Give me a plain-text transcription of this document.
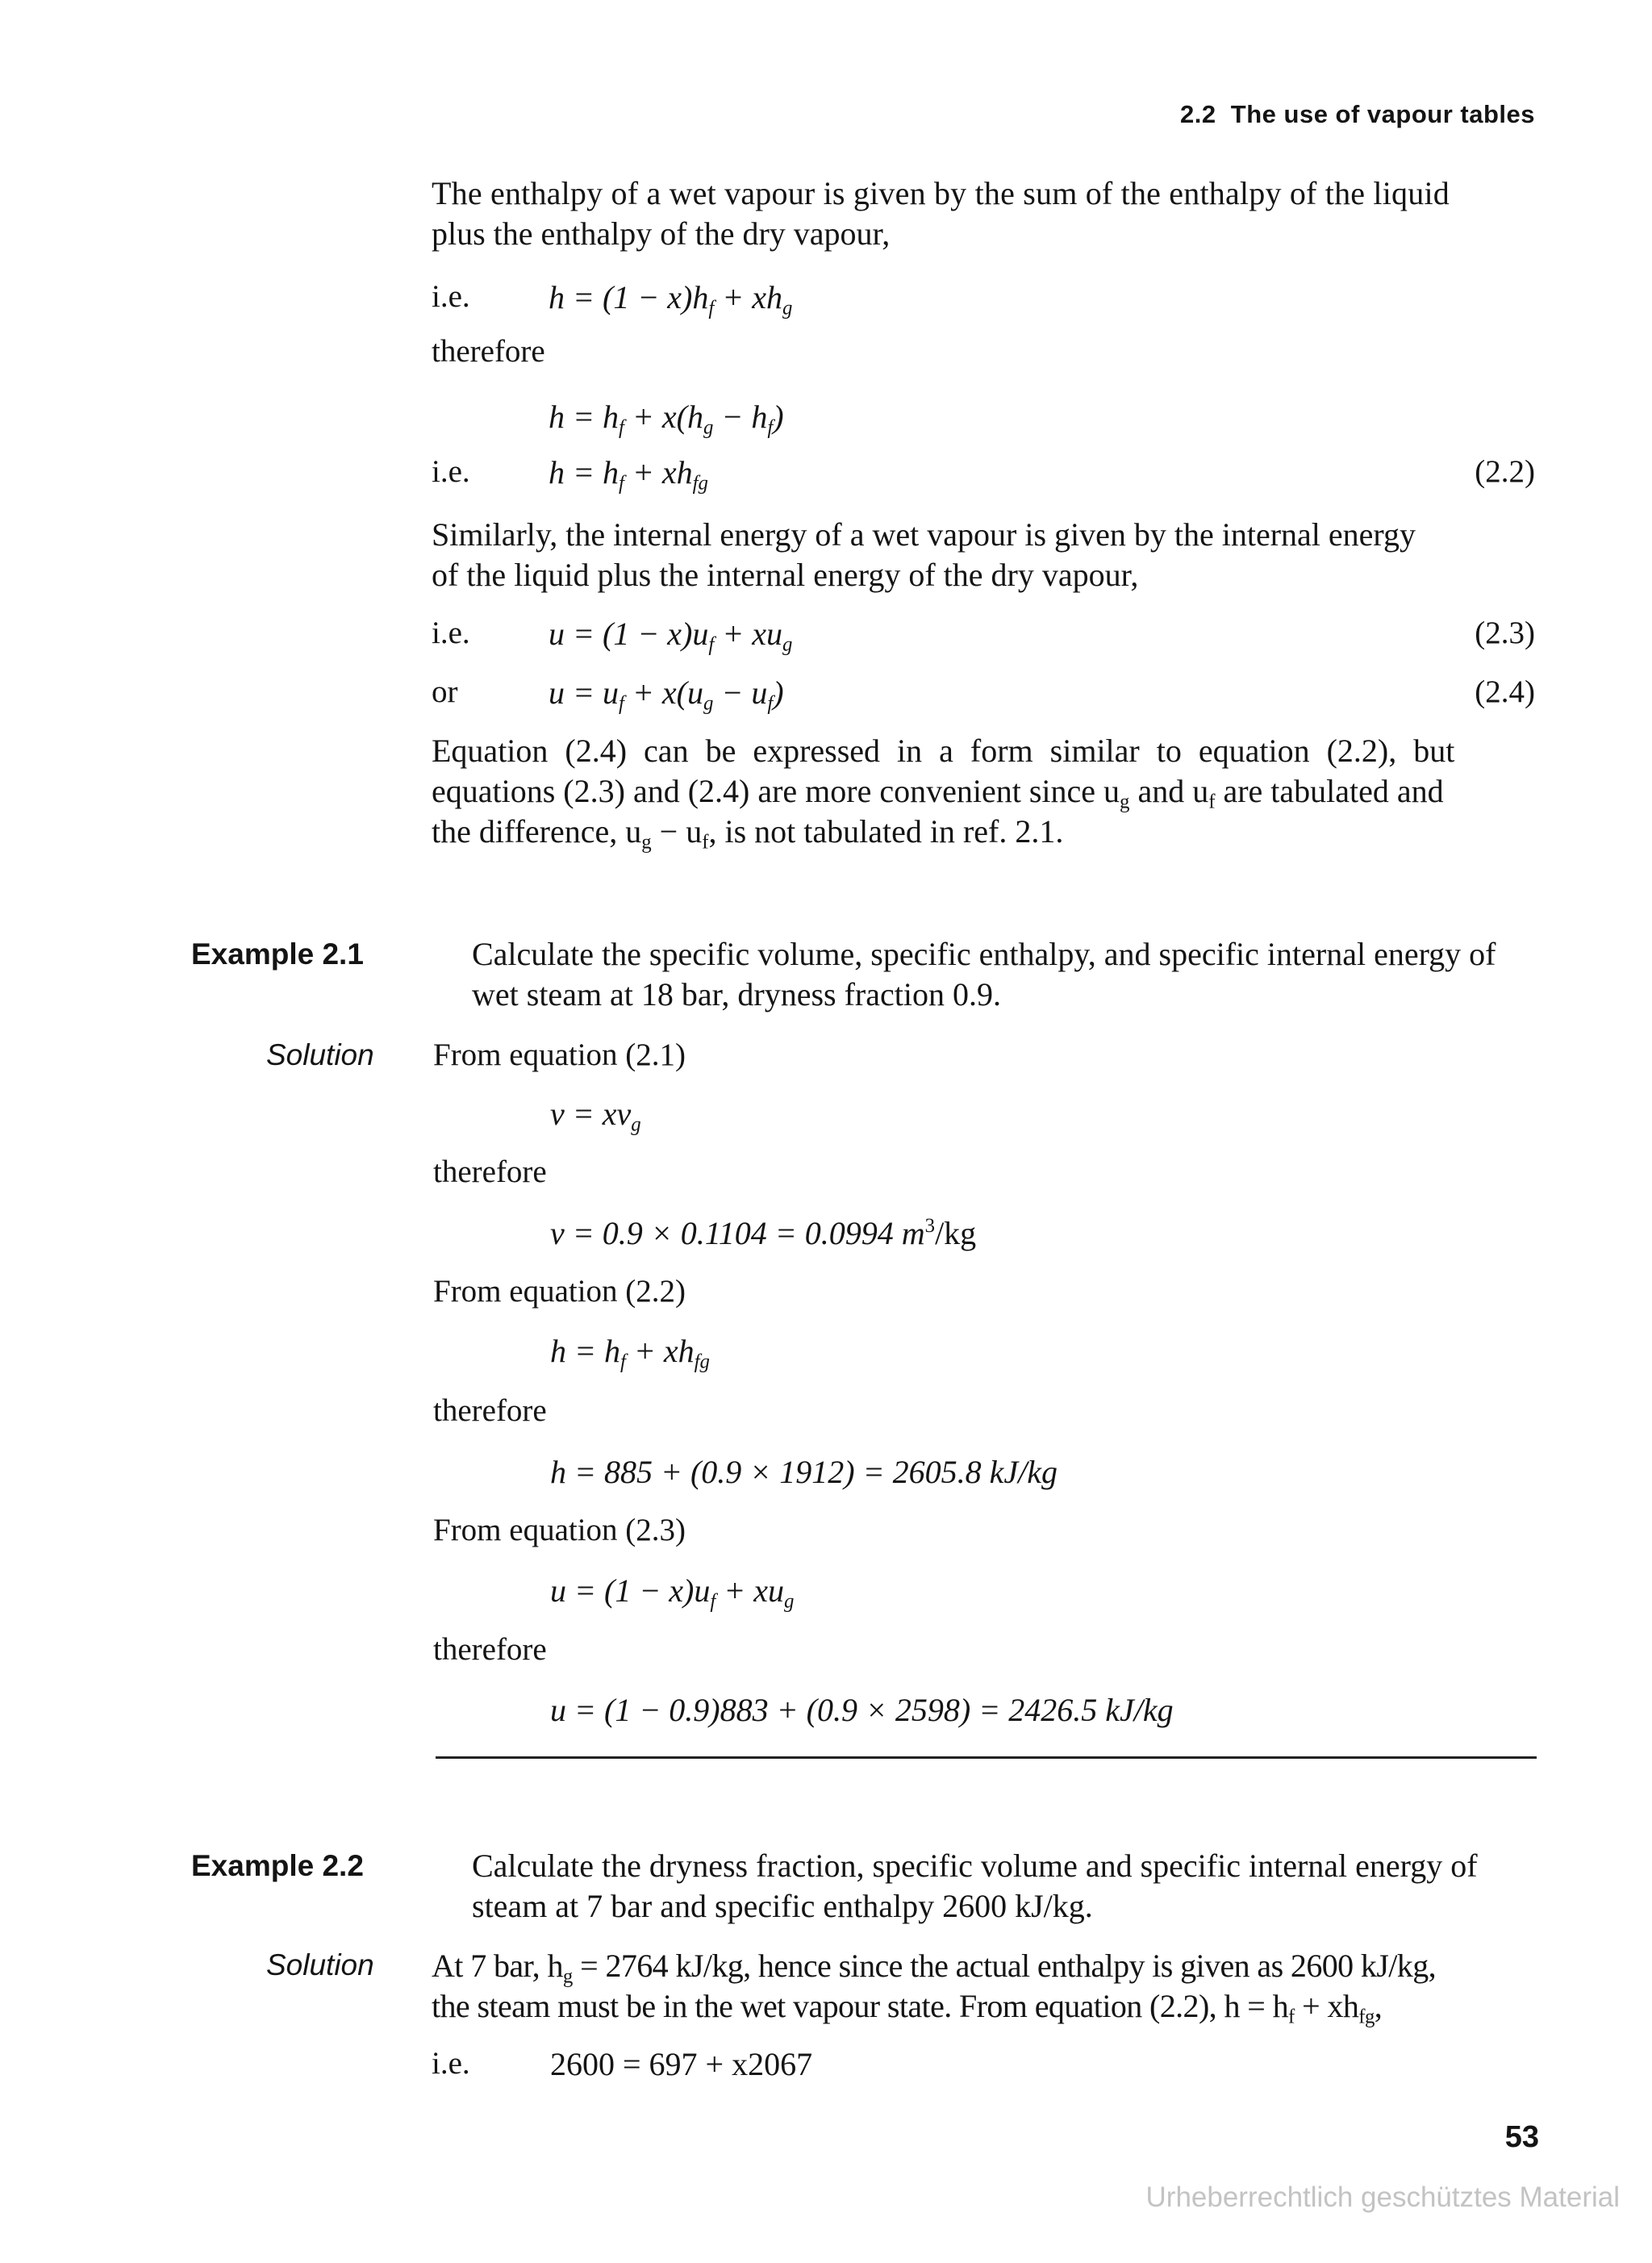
2.2  The use of vapour tables
The enthalpy of a wet vapour is given by the sum of the enthalpy of the liquid
plus the enthalpy of the dry vapour,
i.e. $h = (1 - x)h_f + xh_g$
therefore
$h = h_f + x(h_g - h_f)$
i.e. $h = h_f + xh_{fg}$	(2.2)
Similarly, the internal energy of a wet vapour is given by the internal energy
of the liquid plus the internal energy of the dry vapour,
i.e. $u = (1 - x)u_f + xu_g$	(2.3)
or	$u = u_f + x(u_g - u_f)$	(2.4)
Equation (2.4) can be expressed in a form similar to equation (2.2), but
equations (2.3) and (2.4) are more convenient since $u_g$ and $u_f$ are tabulated and
the difference, $u_g - u_f$, is not tabulated in ref. 2.1.
Example 2.1	Calculate the specific volume, specific enthalpy, and specific internal energy of
wet steam at 18 bar, dryness fraction 0.9.
Solution From equation (2.1)
$v = xv_g$
therefore
v = 0.9 × 0.1104 = 0.0994 $m^3/kg$
From equation (2.2)
$h = h_f + xh_{fg}$
therefore
h = 885 + (0.9 × 1912) = 2605.8 kJ/kg
From equation (2.3)
$u = (1 - x)u_f + xu_g$
therefore
u = (1 − 0.9)883 + (0.9 × 2598) = 2426.5 kJ/kg
Example 2.2	Calculate the dryness fraction, specific volume and specific internal energy of
steam at 7 bar and specific enthalpy 2600 kJ/kg.
Solution At 7 bar, $h_g = 2764$ kJ/kg, hence since the actual enthalpy is given as 2600 kJ/kg,
the steam must be in the wet vapour state. From equation (2.2), $h = h_f + xh_{fg}$,
i.e. 2600 = 697 + x2067
53
Urheberrechtlich geschütztes Material
